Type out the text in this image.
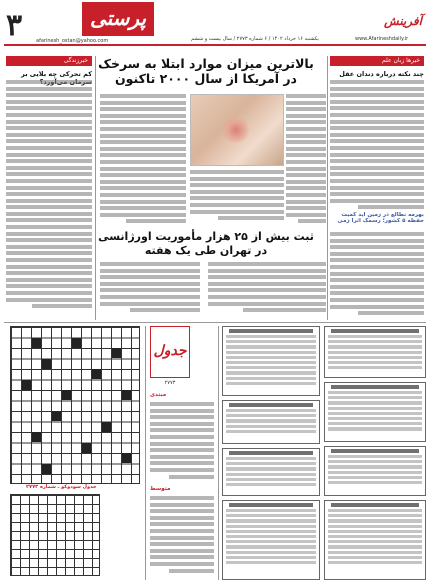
۳	afarinesh_ostan@yahoo.com
پرستی
یکشنبه ۱۶ خرداد ۱۴۰۲ / ۶ شماره ۲۷۷۳ / سال بیست و ششم	www.Afarineshdaily.ir
آفرینش
خبرزندگی	خبرها زبان علم
بالاترین میزان موارد ابتلا به سرخک در آمریکا از سال ۲۰۰۰ تاکنون
ثبت بیش از ۲۵ هزار مأموریت اورژانسی در تهران طی یک هفته
کم تحرکی چه بلایی بر	چند نکته درباره دندان عقل
بهرمه‌ نطالع در زمین اید کمیت حفظه ۵ کشور؛ رسمک اثرا زمی
جدول
۲۷۷۳
مبتدی
متوسط
جدول سودوکو ـ شماره ۲۷۷۳
